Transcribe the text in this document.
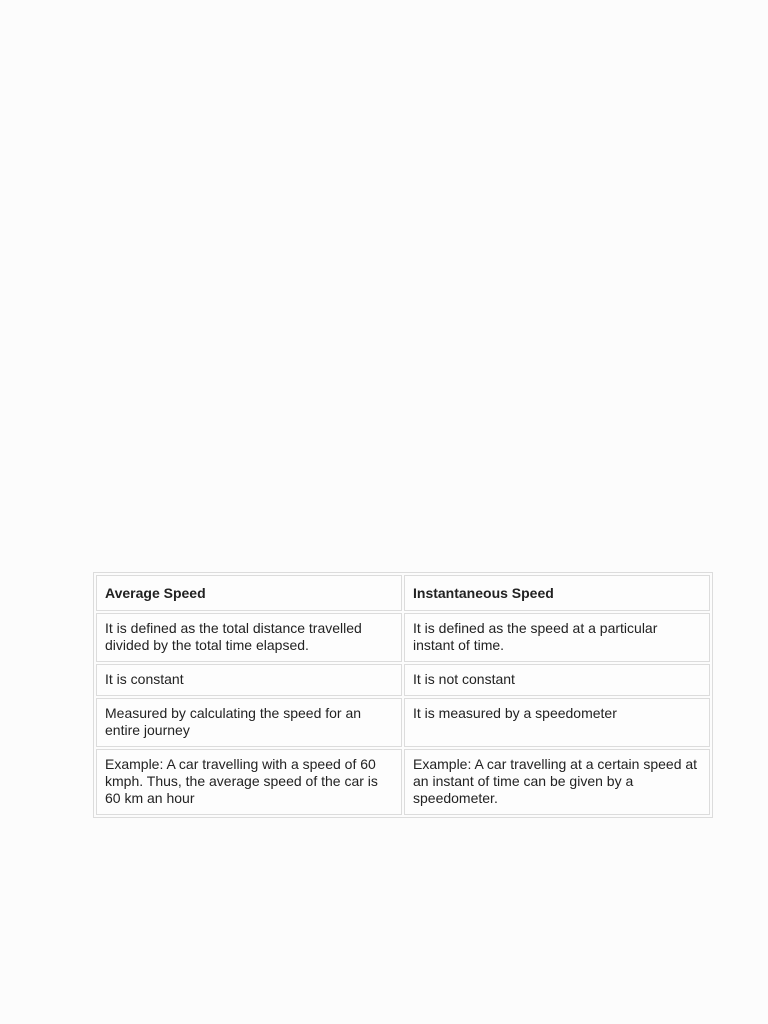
Average Speed	Instantaneous Speed
It is defined as the total distance travelled divided by the total time elapsed.	It is defined as the speed at a particular instant of time.
It is constant	It is not constant
Measured by calculating the speed for an entire journey	It is measured by a speedometer
Example: A car travelling with a speed of 60 kmph. Thus, the average speed of the car is 60 km an hour	Example: A car travelling at a certain speed at an instant of time can be given by a speedometer.
